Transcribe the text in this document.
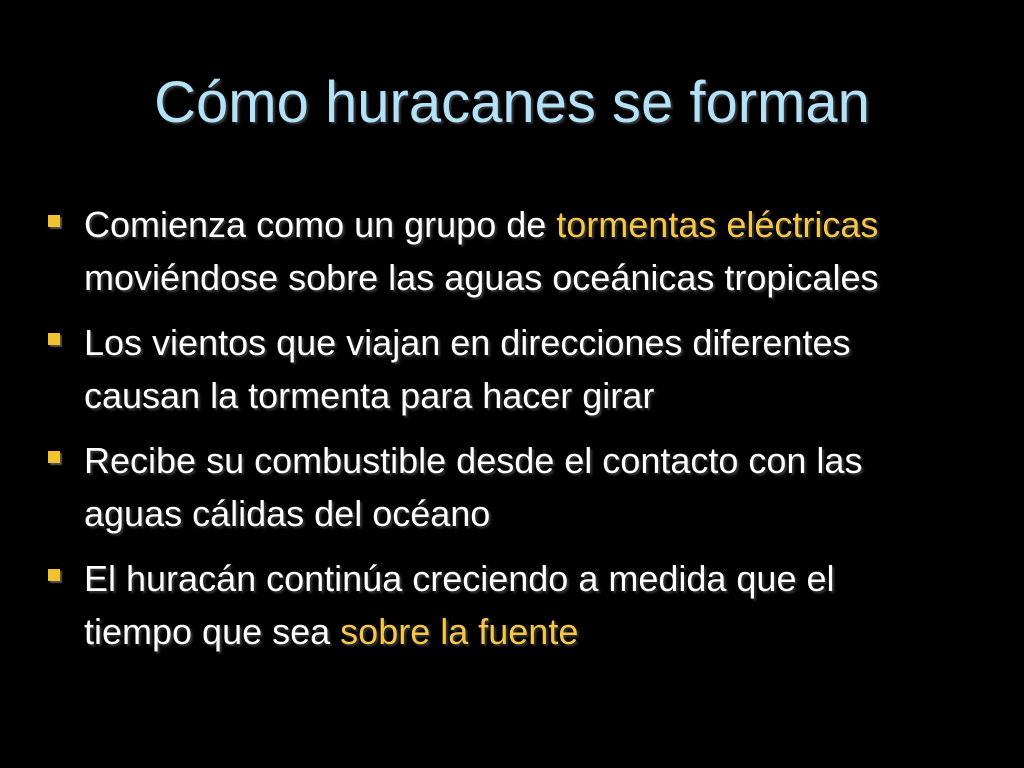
Cómo huracanes se forman
Comienza como un grupo de tormentas eléctricas moviéndose sobre las aguas oceánicas tropicales
Los vientos que viajan en direcciones diferentes causan la tormenta para hacer girar
Recibe su combustible desde el contacto con las aguas cálidas del océano
El huracán continúa creciendo a medida que el tiempo que sea sobre la fuente
